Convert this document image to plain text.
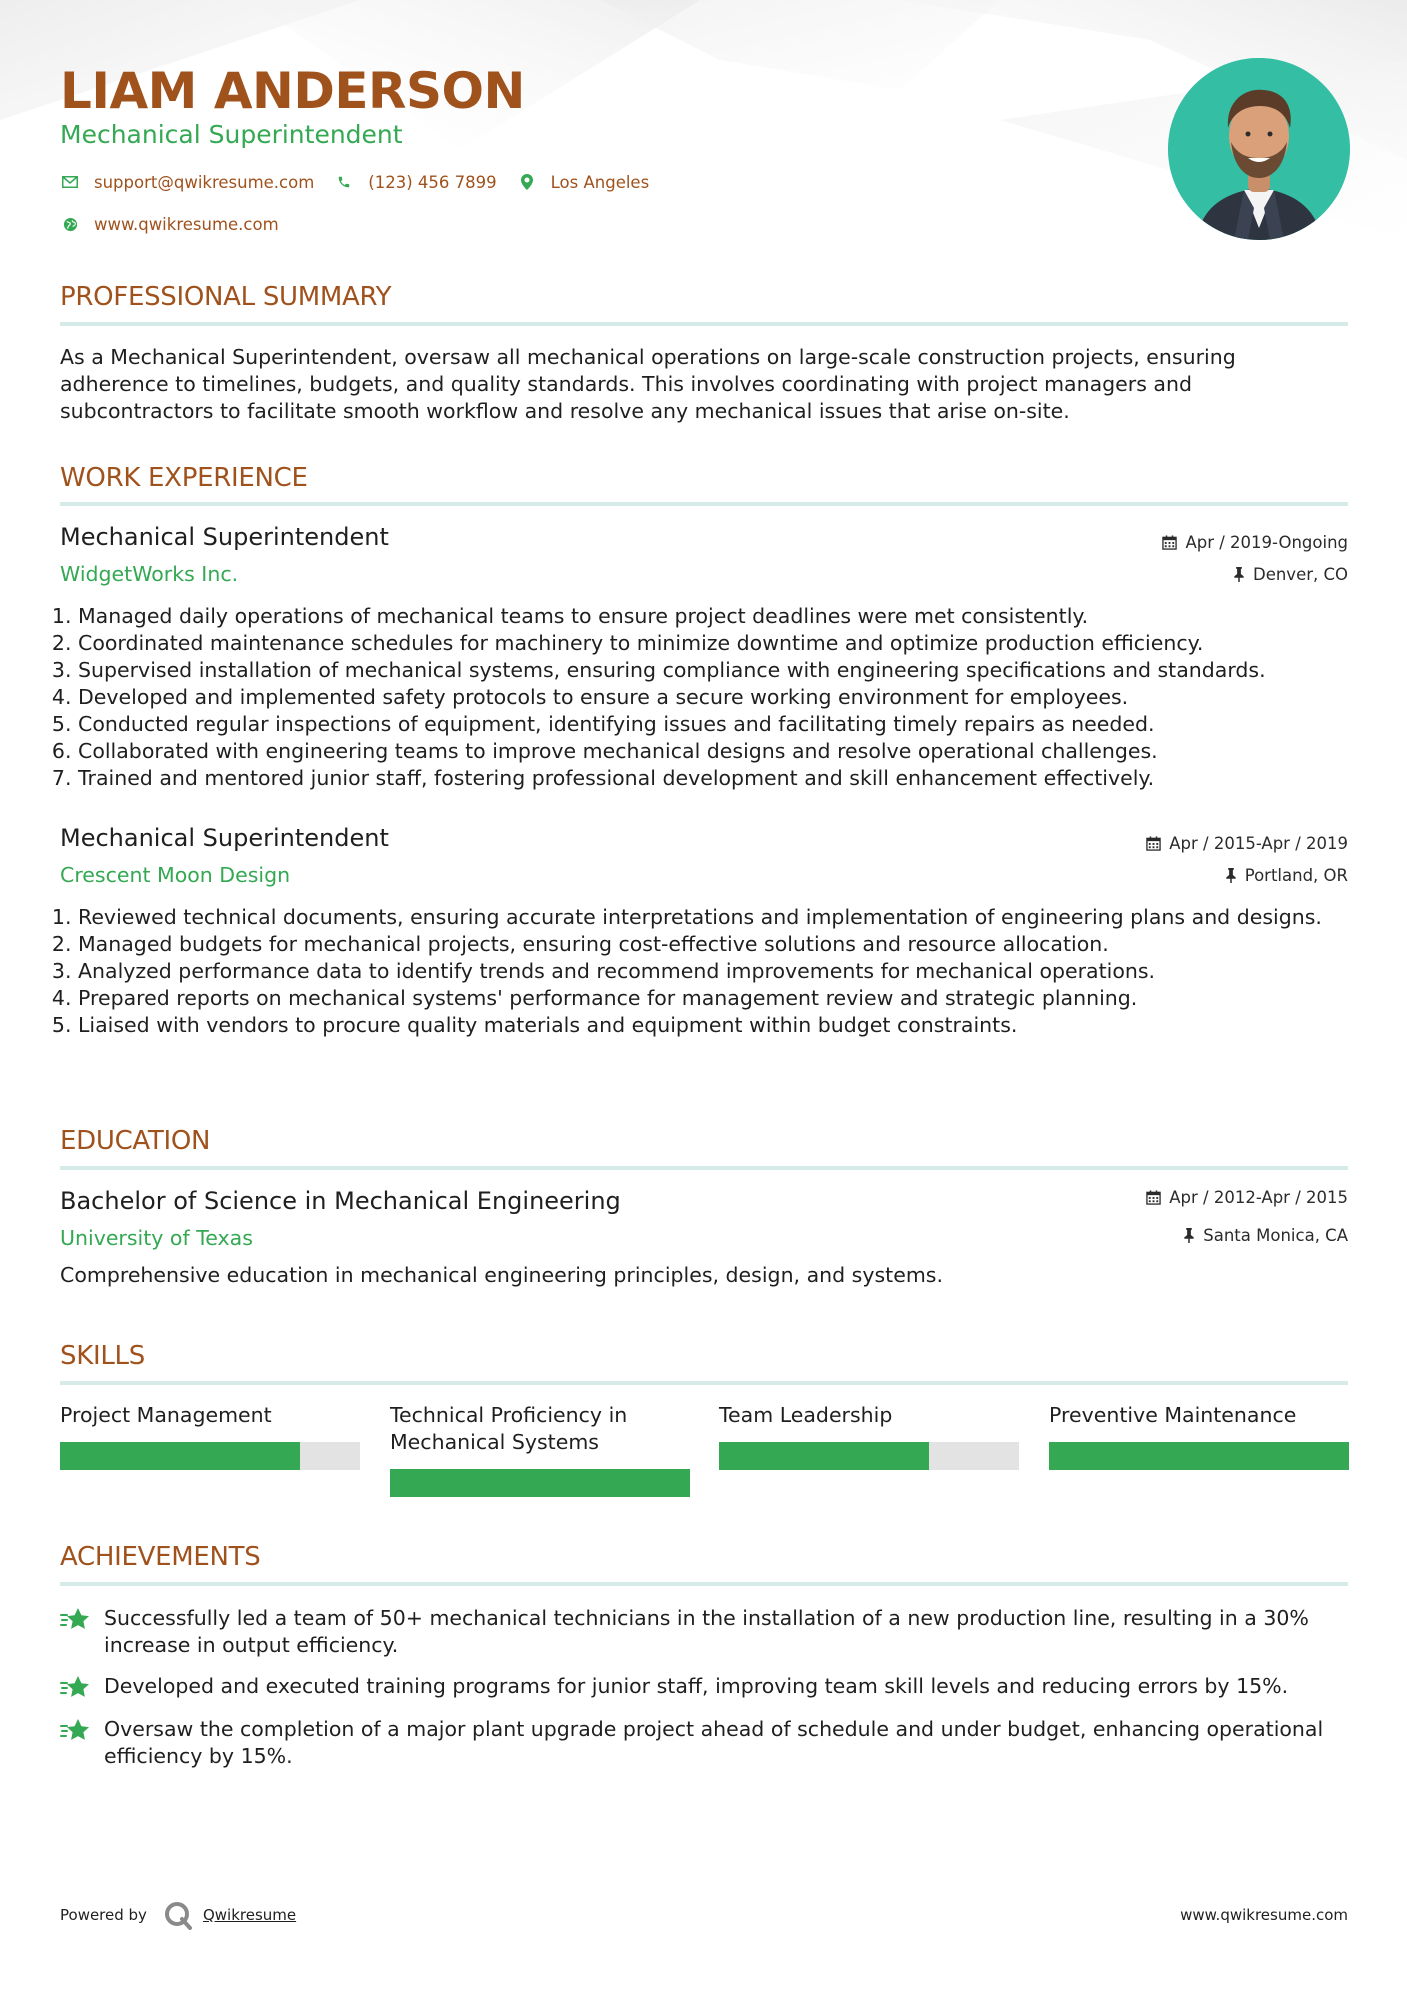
LIAM ANDERSON
Mechanical Superintendent
support@qwikresume.com	(123) 456 7899	Los Angeles
www.qwikresume.com
PROFESSIONAL SUMMARY
As a Mechanical Superintendent, oversaw all mechanical operations on large-scale construction projects, ensuring adherence to timelines, budgets, and quality standards. This involves coordinating with project managers and subcontractors to facilitate smooth workflow and resolve any mechanical issues that arise on-site.
WORK EXPERIENCE
Mechanical Superintendent	Apr / 2019-Ongoing
WidgetWorks Inc.	Denver, CO
1. Managed daily operations of mechanical teams to ensure project deadlines were met consistently.
2. Coordinated maintenance schedules for machinery to minimize downtime and optimize production efficiency.
3. Supervised installation of mechanical systems, ensuring compliance with engineering specifications and standards.
4. Developed and implemented safety protocols to ensure a secure working environment for employees.
5. Conducted regular inspections of equipment, identifying issues and facilitating timely repairs as needed.
6. Collaborated with engineering teams to improve mechanical designs and resolve operational challenges.
7. Trained and mentored junior staff, fostering professional development and skill enhancement effectively.
Mechanical Superintendent	Apr / 2015-Apr / 2019
Crescent Moon Design	Portland, OR
1. Reviewed technical documents, ensuring accurate interpretations and implementation of engineering plans and designs.
2. Managed budgets for mechanical projects, ensuring cost-effective solutions and resource allocation.
3. Analyzed performance data to identify trends and recommend improvements for mechanical operations.
4. Prepared reports on mechanical systems' performance for management review and strategic planning.
5. Liaised with vendors to procure quality materials and equipment within budget constraints.
EDUCATION
Bachelor of Science in Mechanical Engineering	Apr / 2012-Apr / 2015
University of Texas	Santa Monica, CA
Comprehensive education in mechanical engineering principles, design, and systems.
SKILLS
Project Management	Technical Proficiency in Mechanical Systems
Team Leadership	Preventive Maintenance
ACHIEVEMENTS
Successfully led a team of 50+ mechanical technicians in the installation of a new production line, resulting in a 30% increase in output efficiency.
Developed and executed training programs for junior staff, improving team skill levels and reducing errors by 15%.
Oversaw the completion of a major plant upgrade project ahead of schedule and under budget, enhancing operational efficiency by 15%.
Powered by	Qwikresume	www.qwikresume.com
